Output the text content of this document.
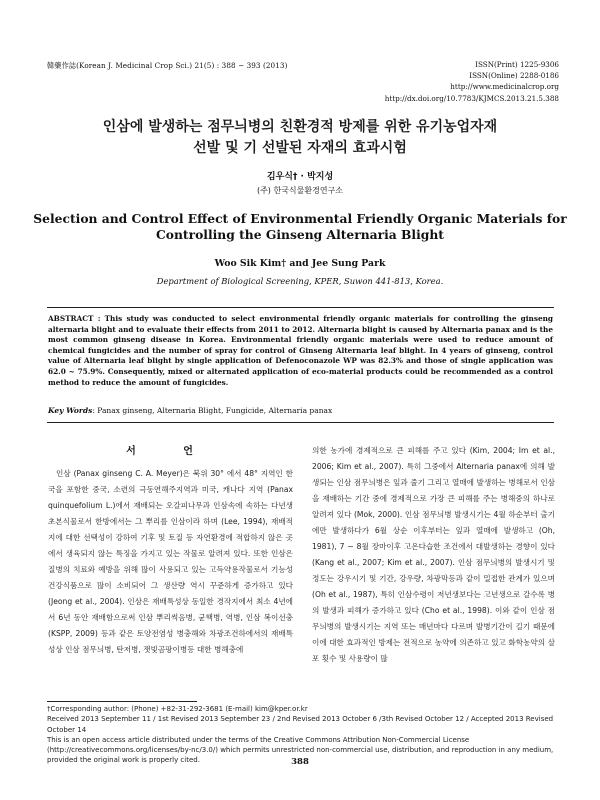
韓藥作誌(Korean J. Medicinal Crop Sci.) 21(5) : 388 − 393 (2013)	ISSN(Print) 1225-9306
ISSN(Online) 2288-0186
http://www.medicinalcrop.org
http://dx.doi.org/10.7783/KJMCS.2013.21.5.388
인삼에 발생하는 점무늬병의 친환경적 방제를 위한 유기농업자재
선발 및 기 선발된 자재의 효과시험
김우식† · 박지성
(주) 한국식물환경연구소
Selection and Control Effect of Environmental Friendly Organic Materials for
Controlling the Ginseng Alternaria Blight
Woo Sik Kim† and Jee Sung Park
Department of Biological Screening, KPER, Suwon 441-813, Korea.
ABSTRACT : This study was conducted to select environmental friendly organic materials for controlling the ginseng alternaria blight and to evaluate their effects from 2011 to 2012. Alternaria blight is caused by Alternaria panax and is the most common ginseng disease in Korea. Environmental friendly organic materials were used to reduce amount of chemical fungicides and the number of spray for control of Ginseng Alternaria leaf blight. In 4 years of ginseng, control value of Alternaria leaf blight by single application of Defenoconazole WP was 82.3% and those of single application was 62.0 ~ 75.9%. Consequently, mixed or alternated application of eco-material products could be recommended as a control method to reduce the amount of fungicides.
Key Words: Panax ginseng, Alternaria Blight, Fungicide, Alternaria panax
서 언
인삼 (Panax ginseng C. A. Meyer)은 북위 30° 에서 48° 지역인 한국을 포함한 중국, 소련의 극동연해주지역과 미국, 캐나다 지역 (Panax quinquefolium L.)에서 재배되는 오갈피나무과 인삼속에 속하는 다년생 초본식물로서 한방에서는 그 뿌리를 인삼이라 하며 (Lee, 1994), 재배적지에 대한 선택성이 강하여 기후 및 토질 등 자연환경에 적합하지 않은 곳에서 생육되지 않는 특징을 가지고 있는 작물로 알려져 있다. 또한 인삼은 질병의 치료와 예방을 위해 많이 사용되고 있는 고득약용작물로서 기능성 건강식품으로 많이 소비되어 그 생산량 역시 꾸준하게 증가하고 있다 (Jeong et al., 2004). 인삼은 재배특성상 동일한 경작지에서 최소 4년에서 6년 동안 재배함으로써 인삼 뿌리썩음병, 균핵병, 역병, 인삼 복이선충 (KSPP, 2009) 등과 같은 토양전염성 병충해와 차광조건하에서의 재배특성상 인삼 점무늬병, 탄저병, 잿빛곰팡이병등 대한 병해충에
의한 농가에 경제적으로 큰 피해를 주고 있다 (Kim, 2004; Im et al., 2006; Kim et al., 2007). 특히 그중에서 Alternaria panax에 의해 발생되는 인삼 점무늬병은 잎과 줄기 그리고 열매에 발생하는 병해로서 인삼을 재배하는 기간 중에 경제적으로 가장 큰 피해를 주는 병해중의 하나로 알려져 있다 (Mok, 2000). 인삼 점무늬병 발생시기는 4월 하순부터 출기에만 발생하다가 6월 상순 이후부터는 잎과 열매에 발생하고 (Oh, 1981), 7 ~ 8월 장마이후 고온다습한 조건에서 대발생하는 경향이 있다 (Kang et al., 2007; Kim et al., 2007). 인삼 점무늬병의 발생시기 및 정도는 강우시기 및 기간, 강우량, 차광막등과 같이 밀접한 관계가 있으며 (Oh et al., 1987), 특히 인삼수령이 저년생보다는 고년생으로 갈수록 병의 발생과 피해가 증가하고 있다 (Cho et al., 1998). 이와 같이 인삼 점무늬병의 발생시기는 지역 또는 매년마다 다르며 발병기간이 길기 때문에 이에 대한 효과적인 방제는 전적으로 농약에 의존하고 있고 화학농약의 살포 횟수 및 사용량이 많
†Corresponding author: (Phone) +82-31-292-3681 (E-mail) kim@kper.or.kr
Received 2013 September 11 / 1st Revised 2013 September 23 / 2nd Revised 2013 October 6 /3th Revised October 12 / Accepted 2013 Revised October 14
This is an open access article distributed under the terms of the Creative Commons Attribution Non-Commercial License (http://creativecommons.org/licenses/by-nc/3.0/) which permits unrestricted non-commercial use, distribution, and reproduction in any medium, provided the original work is properly cited.	388
